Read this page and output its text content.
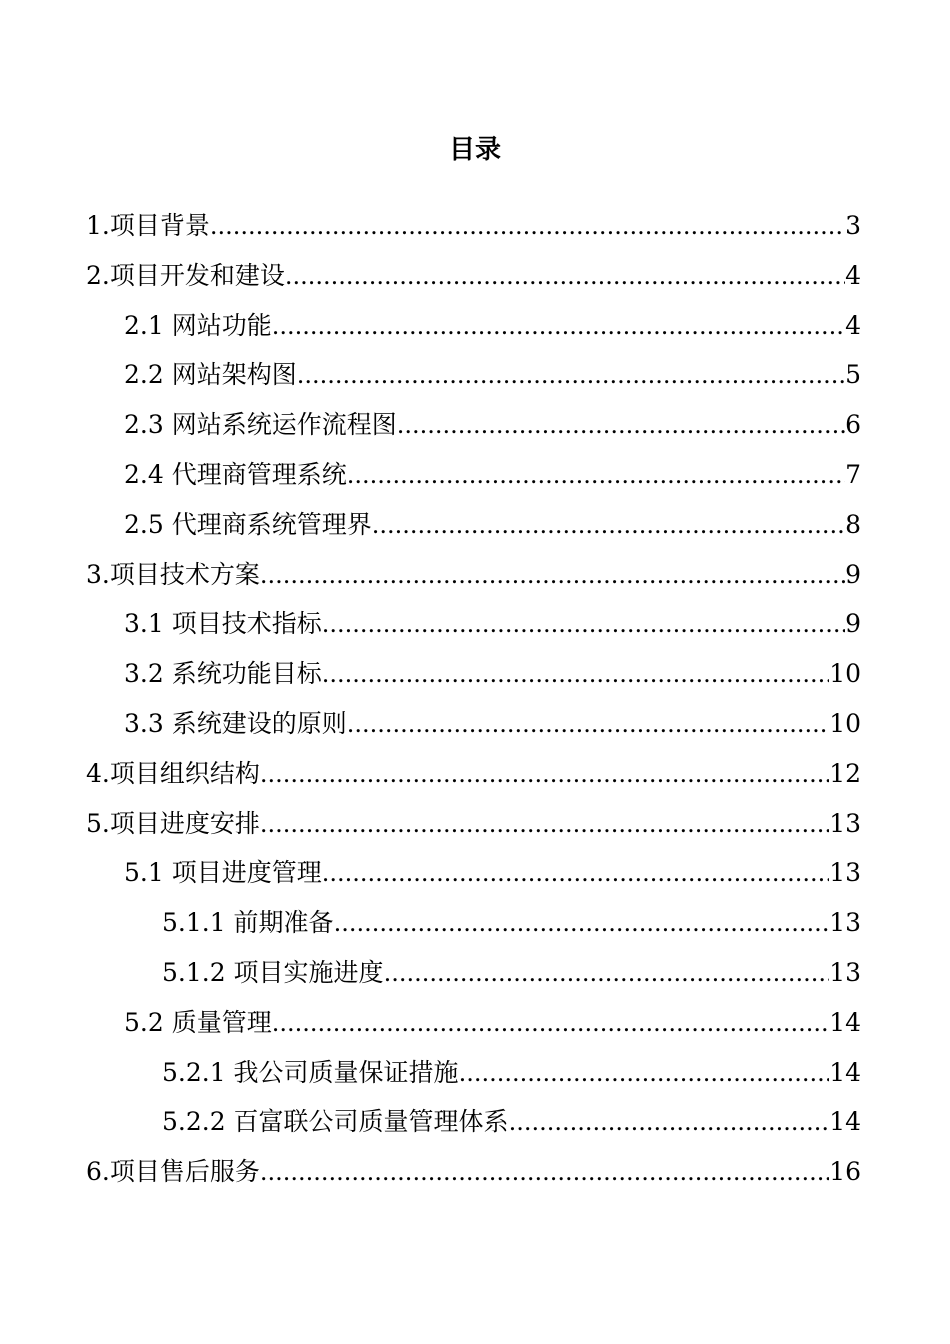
目录
1.项目背景 .....	3
2.项目开发和建设 .....	4
2.1 网站功能 .....	4
2.2 网站架构图 .....	5
2.3 网站系统运作流程图 .....	6
2.4 代理商管理系统 .....	7
2.5 代理商系统管理界 .....	8
3.项目技术方案 .....	9
3.1 项目技术指标 .....	9
3.2 系统功能目标 .....	10
3.3 系统建设的原则 .....	10
4.项目组织结构 .....	12
5.项目进度安排 .....	13
5.1 项目进度管理 .....	13
5.1.1 前期准备 .....	13
5.1.2 项目实施进度 .....	13
5.2 质量管理 .....	14
5.2.1 我公司质量保证措施 .....	14
5.2.2 百富联公司质量管理体系 .....	14
6.项目售后服务 .....	16
